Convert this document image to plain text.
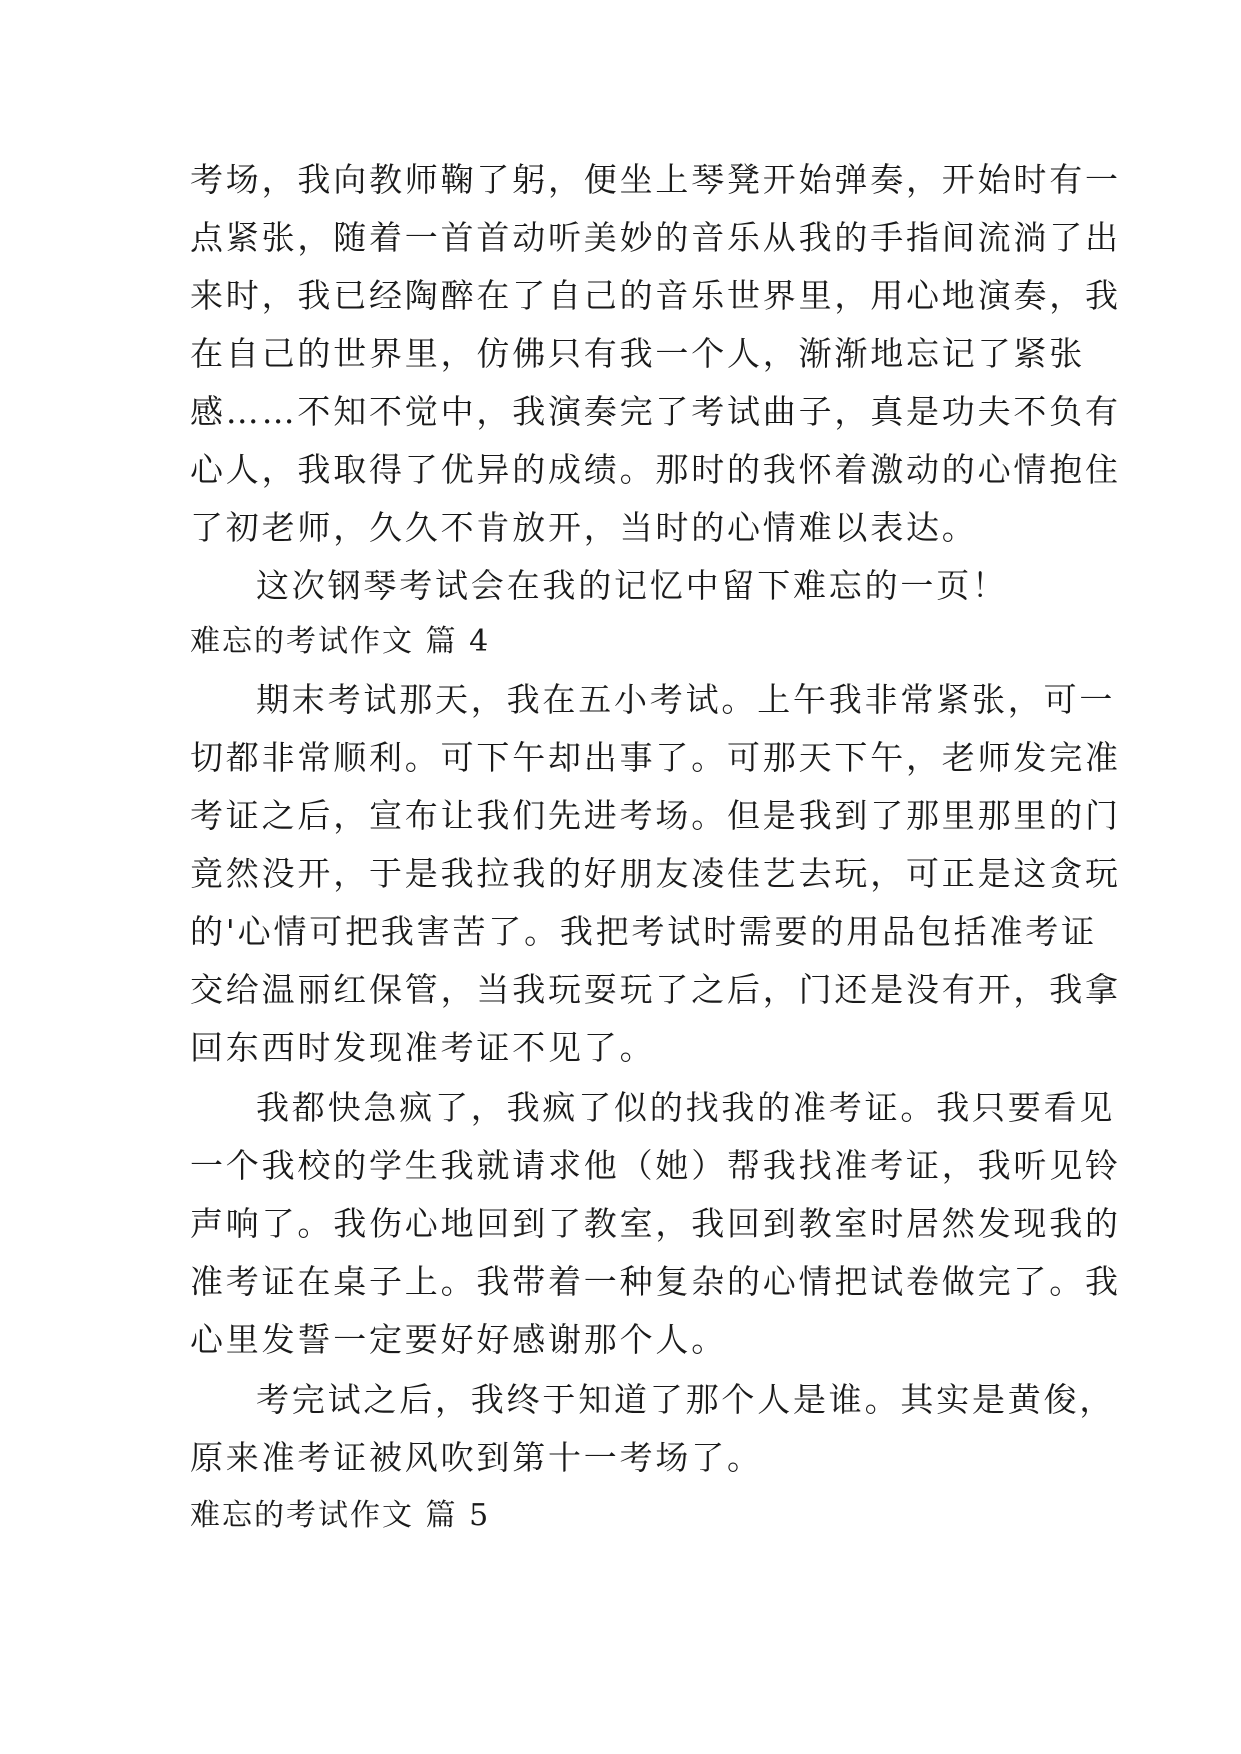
考场，我向教师鞠了躬，便坐上琴凳开始弹奏，开始时有一
点紧张，随着一首首动听美妙的音乐从我的手指间流淌了出
来时，我已经陶醉在了自己的音乐世界里，用心地演奏，我
在自己的世界里，仿佛只有我一个人，渐渐地忘记了紧张
感……不知不觉中，我演奏完了考试曲子，真是功夫不负有
心人，我取得了优异的成绩。那时的我怀着激动的心情抱住
了初老师，久久不肯放开，当时的心情难以表达。
这次钢琴考试会在我的记忆中留下难忘的一页！
难忘的考试作文 篇 4
期末考试那天，我在五小考试。上午我非常紧张，可一
切都非常顺利。可下午却出事了。可那天下午，老师发完准
考证之后，宣布让我们先进考场。但是我到了那里那里的门
竟然没开，于是我拉我的好朋友凌佳艺去玩，可正是这贪玩
的'心情可把我害苦了。我把考试时需要的用品包括准考证
交给温丽红保管，当我玩耍玩了之后，门还是没有开，我拿
回东西时发现准考证不见了。
我都快急疯了，我疯了似的找我的准考证。我只要看见
一个我校的学生我就请求他（她）帮我找准考证，我听见铃
声响了。我伤心地回到了教室，我回到教室时居然发现我的
准考证在桌子上。我带着一种复杂的心情把试卷做完了。我
心里发誓一定要好好感谢那个人。
考完试之后，我终于知道了那个人是谁。其实是黄俊，
原来准考证被风吹到第十一考场了。
难忘的考试作文 篇 5
